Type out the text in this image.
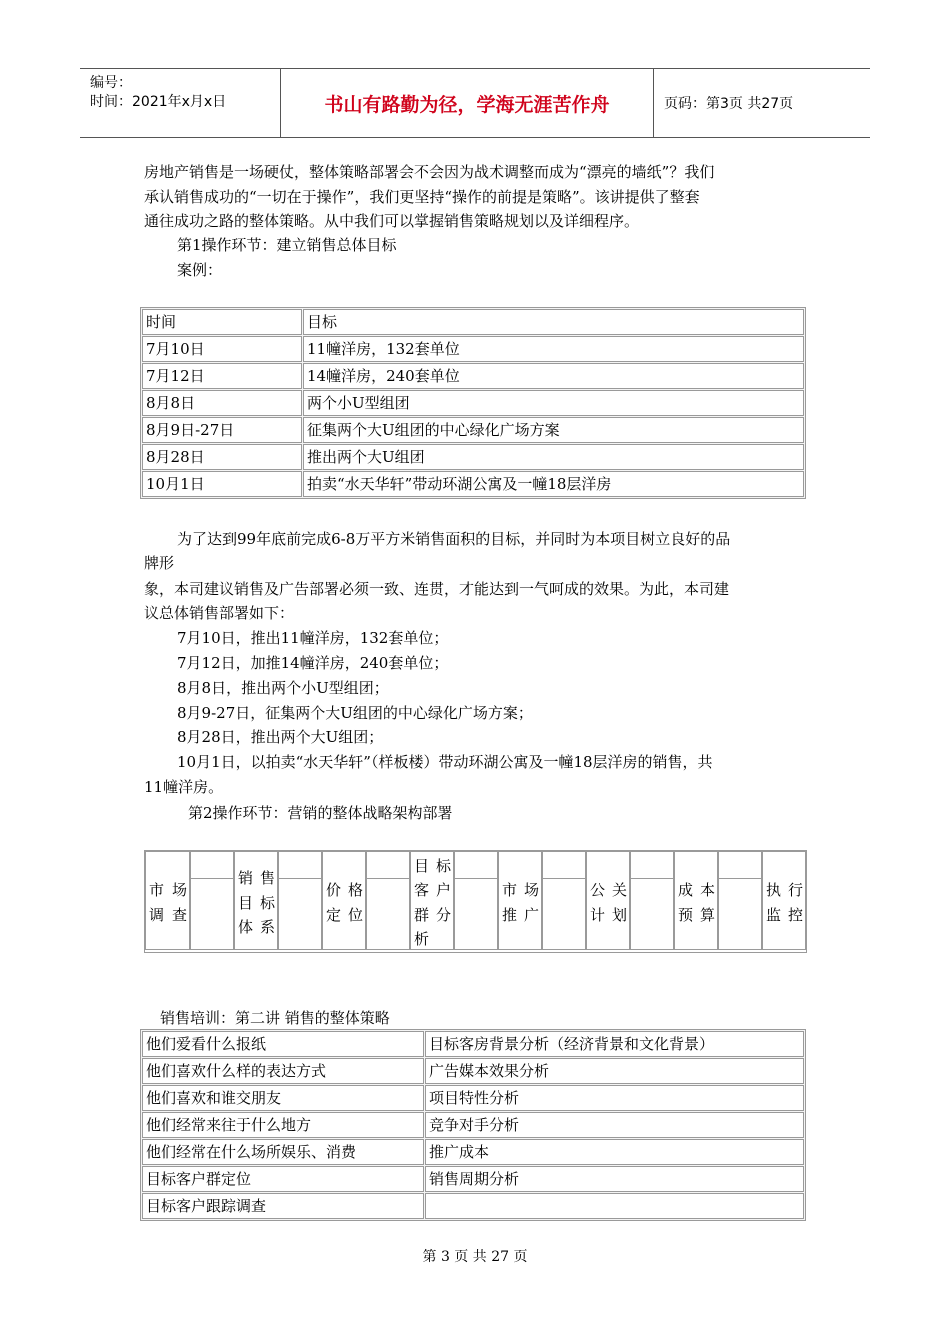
编号：
时间：2021年x月x日	书山有路勤为径，学海无涯苦作舟	页码：第3页 共27页
房地产销售是一场硬仗，整体策略部署会不会因为战术调整而成为“漂亮的墙纸”？我们
承认销售成功的“一切在于操作”，我们更坚持“操作的前提是策略”。该讲提供了整套
通往成功之路的整体策略。从中我们可以掌握销售策略规划以及详细程序。
第1操作环节：建立销售总体目标
案例：
时间	目标
7月10日	11幢洋房，132套单位
7月12日	14幢洋房，240套单位
8月8日	两个小U型组团
8月9日-27日	征集两个大U组团的中心绿化广场方案
8月28日	推出两个大U组团
10月1日	拍卖“水天华轩”带动环湖公寓及一幢18层洋房
为了达到99年底前完成6-8万平方米销售面积的目标，并同时为本项目树立良好的品
牌形
象，本司建议销售及广告部署必须一致、连贯，才能达到一气呵成的效果。为此，本司建
议总体销售部署如下：
7月10日，推出11幢洋房，132套单位；
7月12日，加推14幢洋房，240套单位；
8月8日，推出两个小U型组团；
8月9-27日，征集两个大U组团的中心绿化广场方案；
8月28日，推出两个大U组团；
10月1日，以拍卖“水天华轩”（样板楼）带动环湖公寓及一幢18层洋房的销售，共
11幢洋房。
第2操作环节：营销的整体战略架构部署
市场
调查
销售
目标
体系
价格
定位
目标
客户
群分
析
市场
推广
公关
计划
成本
预算
执行
监控
销售培训：第二讲 销售的整体策略
他们爱看什么报纸	目标客房背景分析（经济背景和文化背景）
他们喜欢什么样的表达方式	广告媒本效果分析
他们喜欢和谁交朋友	项目特性分析
他们经常来往于什么地方	竞争对手分析
他们经常在什么场所娱乐、消费	推广成本
目标客户群定位	销售周期分析
目标客户跟踪调查	
第 3 页 共 27 页
